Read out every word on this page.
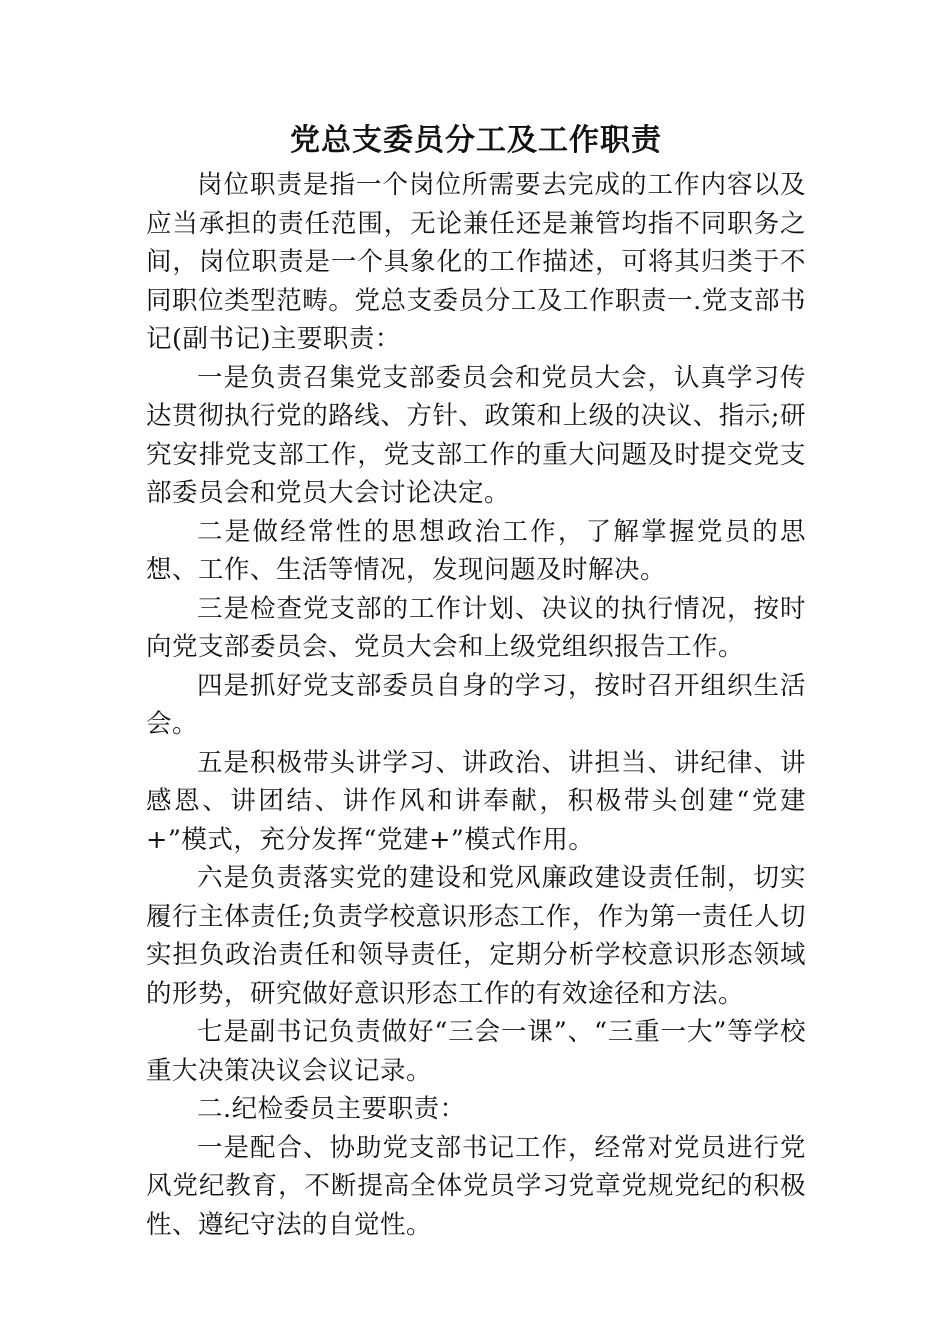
党总支委员分工及工作职责

岗位职责是指一个岗位所需要去完成的工作内容以及应当承担的责任范围，无论兼任还是兼管均指不同职务之间，岗位职责是一个具象化的工作描述，可将其归类于不同职位类型范畴。党总支委员分工及工作职责一.党支部书记(副书记)主要职责：

一是负责召集党支部委员会和党员大会，认真学习传达贯彻执行党的路线、方针、政策和上级的决议、指示;研究安排党支部工作，党支部工作的重大问题及时提交党支部委员会和党员大会讨论决定。

二是做经常性的思想政治工作，了解掌握党员的思想、工作、生活等情况，发现问题及时解决。

三是检查党支部的工作计划、决议的执行情况，按时向党支部委员会、党员大会和上级党组织报告工作。

四是抓好党支部委员自身的学习，按时召开组织生活会。

五是积极带头讲学习、讲政治、讲担当、讲纪律、讲感恩、讲团结、讲作风和讲奉献，积极带头创建“党建+”模式，充分发挥“党建+”模式作用。

六是负责落实党的建设和党风廉政建设责任制，切实履行主体责任;负责学校意识形态工作，作为第一责任人切实担负政治责任和领导责任，定期分析学校意识形态领域的形势，研究做好意识形态工作的有效途径和方法。

七是副书记负责做好“三会一课”、“三重一大”等学校重大决策决议会议记录。

二.纪检委员主要职责：

一是配合、协助党支部书记工作，经常对党员进行党风党纪教育，不断提高全体党员学习党章党规党纪的积极性、遵纪守法的自觉性。
